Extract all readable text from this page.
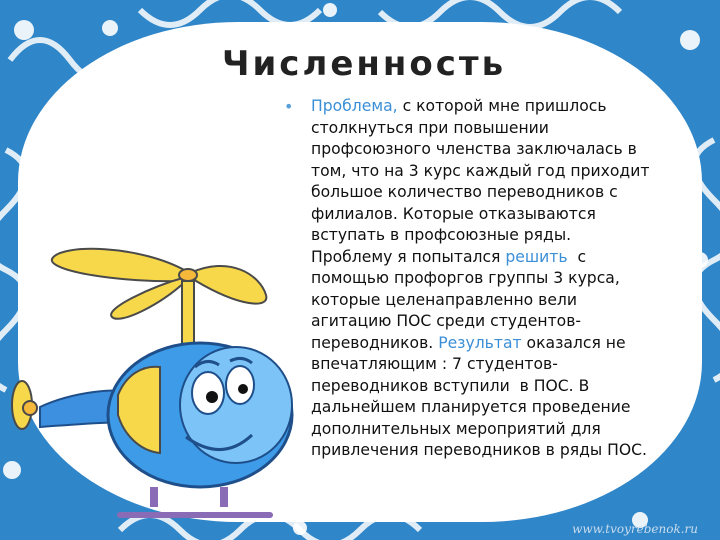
Численность
• Проблема, с которой мне пришлось
столкнуться при повышении
профсоюзного членства заключалась в
том, что на 3 курс каждый год приходит
большое количество переводников с
филиалов. Которые отказываются
вступать в профсоюзные ряды.
Проблему я попытался решить  с
помощью профоргов группы 3 курса,
которые целенаправленно вели
агитацию ПОС среди студентов-
переводников. Результат оказался не
впечатляющим : 7 студентов-
переводников вступили  в ПОС. В
дальнейшем планируется проведение
дополнительных мероприятий для
привлечения переводников в ряды ПОС.

www.tvoyrebenok.ru
